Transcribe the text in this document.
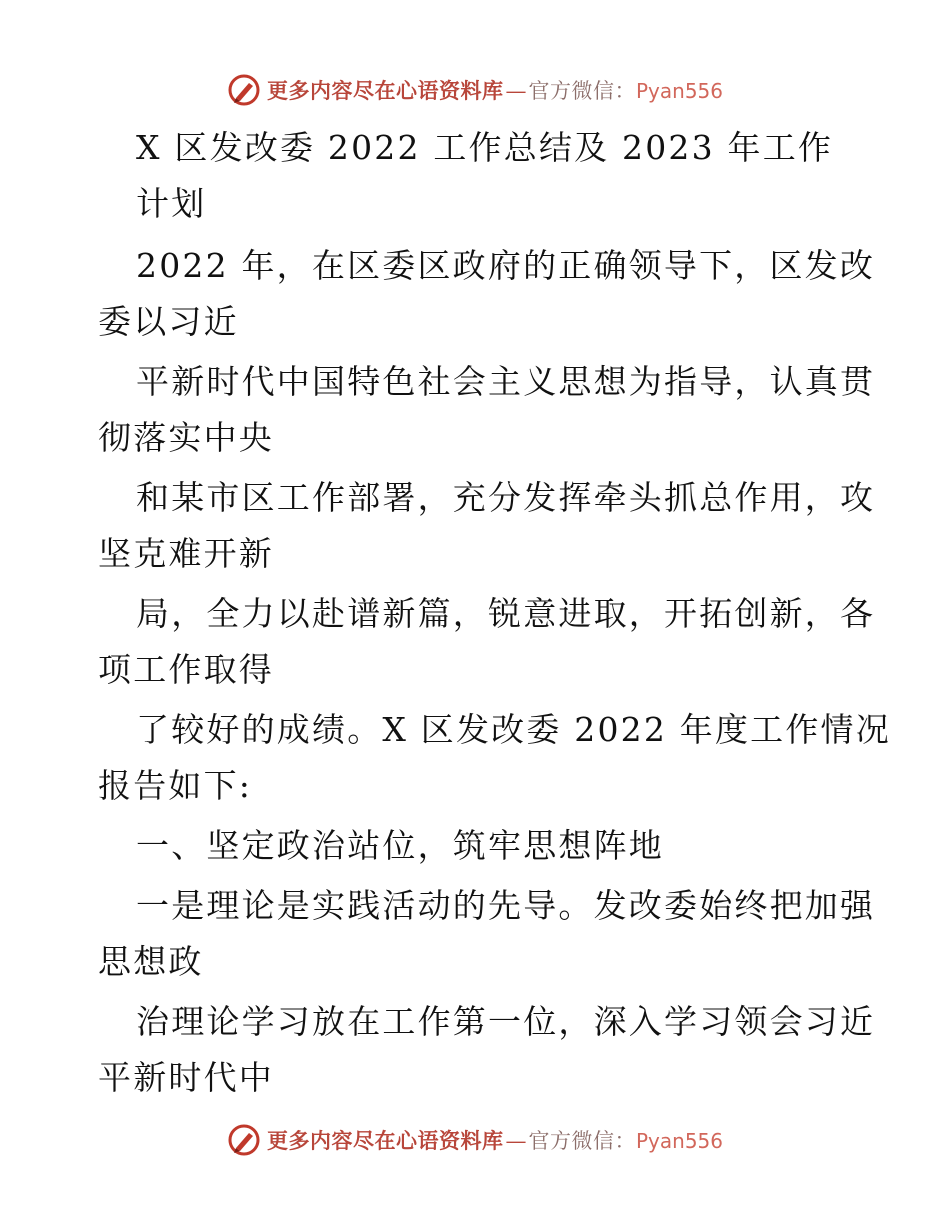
更多内容尽在心语资料库 — 官方微信： Pyan556
X 区发改委 2022 工作总结及 2023 年工作
计划
2022 年，在区委区政府的正确领导下，区发改
委以习近
平新时代中国特色社会主义思想为指导，认真贯
彻落实中央
和某市区工作部署，充分发挥牵头抓总作用，攻
坚克难开新
局，全力以赴谱新篇，锐意进取，开拓创新，各
项工作取得
了较好的成绩。X 区发改委 2022 年度工作情况
报告如下:
一、坚定政治站位，筑牢思想阵地
一是理论是实践活动的先导。发改委始终把加强
思想政
治理论学习放在工作第一位，深入学习领会习近
平新时代中
更多内容尽在心语资料库 — 官方微信： Pyan556
